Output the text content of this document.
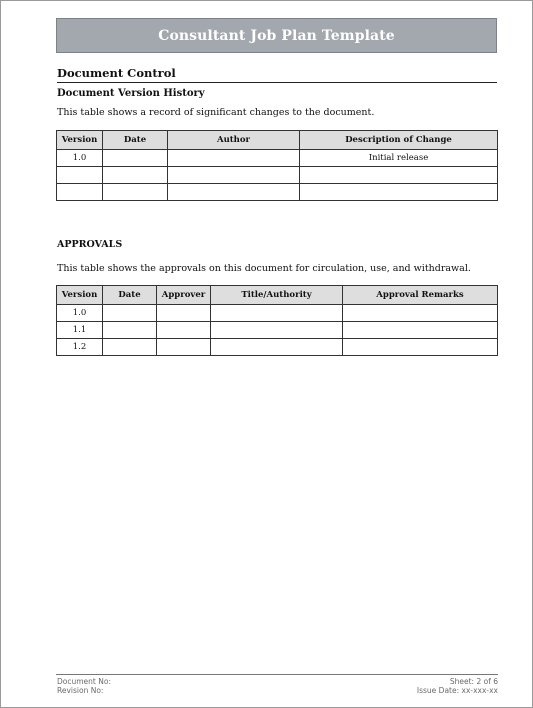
Consultant Job Plan Template
Document Control
Document Version History
This table shows a record of significant changes to the document.
Version	Date	Author	Description of Change
1.0			Initial release

APPROVALS
This table shows the approvals on this document for circulation, use, and withdrawal.
Version	Date	Approver	Title/Authority	Approval Remarks
1.0				
1.1				
1.2				
Document No:
Revision No:
Sheet: 2 of 6
Issue Date: xx-xxx-xx
